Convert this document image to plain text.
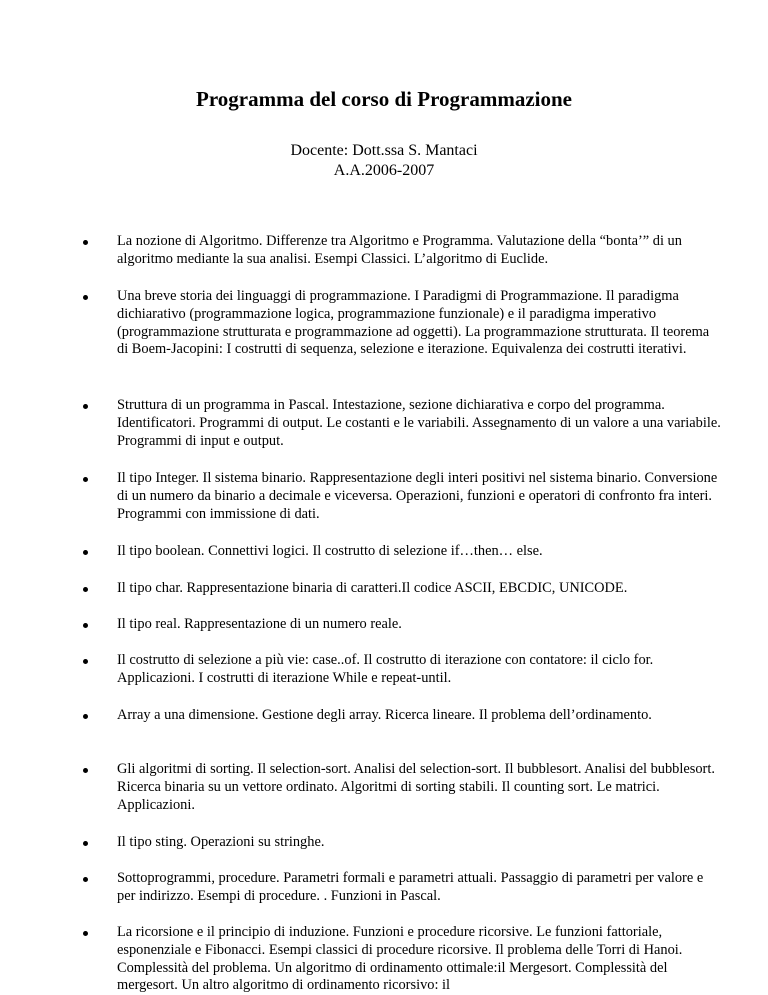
Programma del corso di Programmazione

Docente: Dott.ssa S. Mantaci

A.A.2006-2007

La nozione di Algoritmo. Differenze tra Algoritmo e Programma. Valutazione della “bonta’” di un algoritmo mediante la sua analisi. Esempi Classici. L’algoritmo di Euclide.

Una breve storia dei linguaggi di programmazione. I Paradigmi di Programmazione. Il paradigma dichiarativo (programmazione logica, programmazione funzionale) e il paradigma imperativo (programmazione strutturata e programmazione ad oggetti). La programmazione strutturata. Il teorema di Boem-Jacopini: I costrutti di sequenza, selezione e iterazione. Equivalenza dei costrutti iterativi.

Struttura di un programma in Pascal. Intestazione, sezione dichiarativa e corpo del programma. Identificatori. Programmi di output. Le costanti e le variabili. Assegnamento di un valore a una variabile. Programmi di input e output.

Il tipo Integer. Il sistema binario. Rappresentazione degli interi positivi nel sistema binario. Conversione di un numero da binario a decimale e viceversa. Operazioni, funzioni e operatori di confronto fra interi. Programmi con immissione di dati.

Il tipo boolean. Connettivi logici. Il costrutto di selezione if…then… else.

Il tipo char. Rappresentazione binaria di caratteri.Il codice ASCII, EBCDIC, UNICODE.

Il tipo real. Rappresentazione di un numero reale.

Il costrutto di selezione a più vie: case..of. Il costrutto di iterazione con contatore: il ciclo for. Applicazioni. I costrutti di iterazione While e repeat-until.

Array a una dimensione. Gestione degli array. Ricerca lineare. Il problema dell’ordinamento.

Gli algoritmi di sorting. Il selection-sort. Analisi del selection-sort. Il bubblesort. Analisi del bubblesort. Ricerca binaria su un vettore ordinato. Algoritmi di sorting stabili. Il counting sort. Le matrici. Applicazioni.

Il tipo sting. Operazioni su stringhe.

Sottoprogrammi, procedure. Parametri formali e parametri attuali. Passaggio di parametri per valore e per indirizzo. Esempi di procedure. . Funzioni in Pascal.

La ricorsione e il principio di induzione. Funzioni e procedure ricorsive. Le funzioni fattoriale, esponenziale e Fibonacci. Esempi classici di procedure ricorsive. Il problema delle Torri di Hanoi. Complessità del problema. Un algoritmo di ordinamento ottimale:il Mergesort. Complessità del mergesort. Un altro algoritmo di ordinamento ricorsivo: il
